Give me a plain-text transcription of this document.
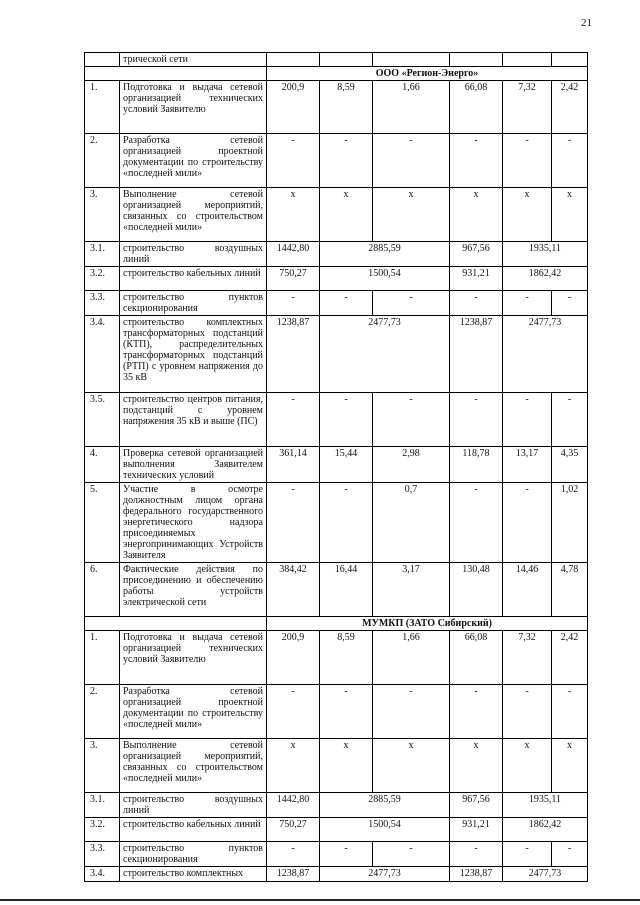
21
	трической сети						
		ООО «Регион-Энерго»					
1.	Подготовка и выдача сетевой организацией технических условий Заявителю	200,9	8,59	1,66	66,08	7,32	2,42
2.	Разработка сетевой организацией проектной документации по строительству «последней мили»	-	-	-	-	-	-
3.	Выполнение сетевой организацией мероприятий, связанных со строительством «последней мили»	x	x	x	x	x	x
3.1.	строительство воздушных линий	1442,80	2885,59		967,56	1935,11	
3.2.	строительство кабельных линий	750,27	1500,54		931,21	1862,42	
3.3.	строительство пунктов секционирования	-	-	-	-	-	-
3.4.	строительство комплектных трансформаторных подстанций (КТП), распределительных трансформаторных подстанций (РТП) с уровнем напряжения до 35 кВ	1238,87	2477,73		1238,87	2477,73	
3.5.	строительство центров питания, подстанций с уровнем напряжения 35 кВ и выше (ПС)	-	-	-	-	-	-
4.	Проверка сетевой организацией выполнения Заявителем технических условий	361,14	15,44	2,98	118,78	13,17	4,35
5.	Участие в осмотре должностным лицом органа федерального государственного энергетического надзора присоединяемых энергопринимающих Устройств Заявителя	-	-	0,7	-	-	1,02
6.	Фактические действия по присоединению и обеспечению работы устройств электрической сети	384,42	16,44	3,17	130,48	14,46	4,78
		МУМКП (ЗАТО Сибирский)					
1.	Подготовка и выдача сетевой организацией технических условий Заявителю	200,9	8,59	1,66	66,08	7,32	2,42
2.	Разработка сетевой организацией проектной документации по строительству «последней мили»	-	-	-	-	-	-
3.	Выполнение сетевой организацией мероприятий, связанных со строительством «последней мили»	x	x	x	x	x	x
3.1.	строительство воздушных линий	1442,80	2885,59		967,56	1935,11	
3.2.	строительство кабельных линий	750,27	1500,54		931,21	1862,42	
3.3.	строительство пунктов секционирования	-	-	-	-	-	-
3.4.	строительство комплектных	1238,87	2477,73		1238,87	2477,73	
